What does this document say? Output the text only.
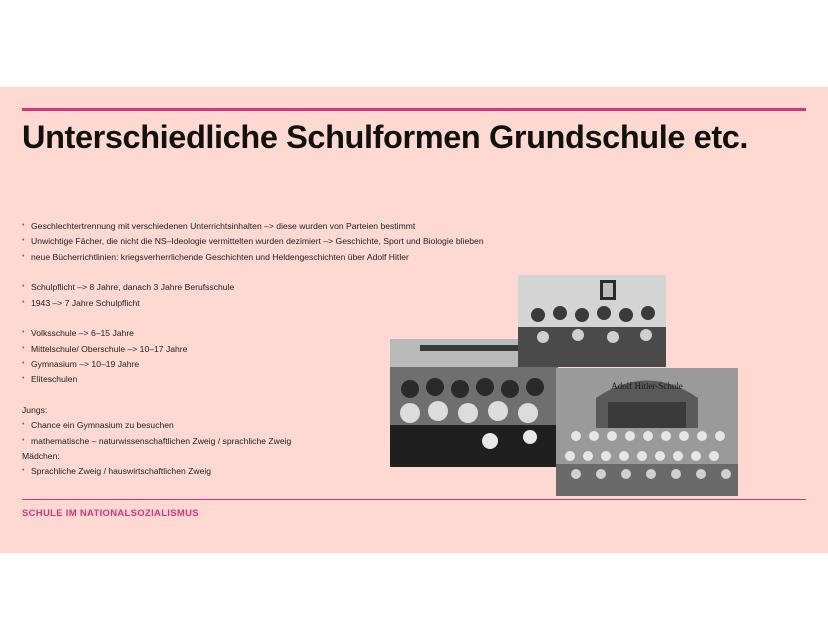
Unterschiedliche Schulformen Grundschule etc.
• Geschlechtertrennung mit verschiedenen Unterrichtsinhalten –> diese wurden von Parteien bestimmt
• Unwichtige Fächer, die nicht die NS–Ideologie vermittelten wurden dezimiert –> Geschichte, Sport und Biologie blieben
• neue Bücherrichtlinien: kriegsverherrlichende Geschichten und Heldengeschichten über Adolf Hitler
• Schulpflicht –> 8 Jahre, danach 3 Jahre Berufsschule
• 1943 –> 7 Jahre Schulpflicht
• Volksschule –> 6–15 Jahre
• Mittelschule/ Oberschule –> 10–17 Jahre
• Gymnasium –> 10–19 Jahre
• Eliteschulen
Jungs:
• Chance ein Gymnasium zu besuchen
• mathematische – naturwissenschaftlichen Zweig / sprachliche Zweig
Mädchen:
• Sprachliche Zweig / hauswirtschaftlichen Zweig
Adolf Hitler-Schule
SCHULE IM NATIONALSOZIALISMUS
